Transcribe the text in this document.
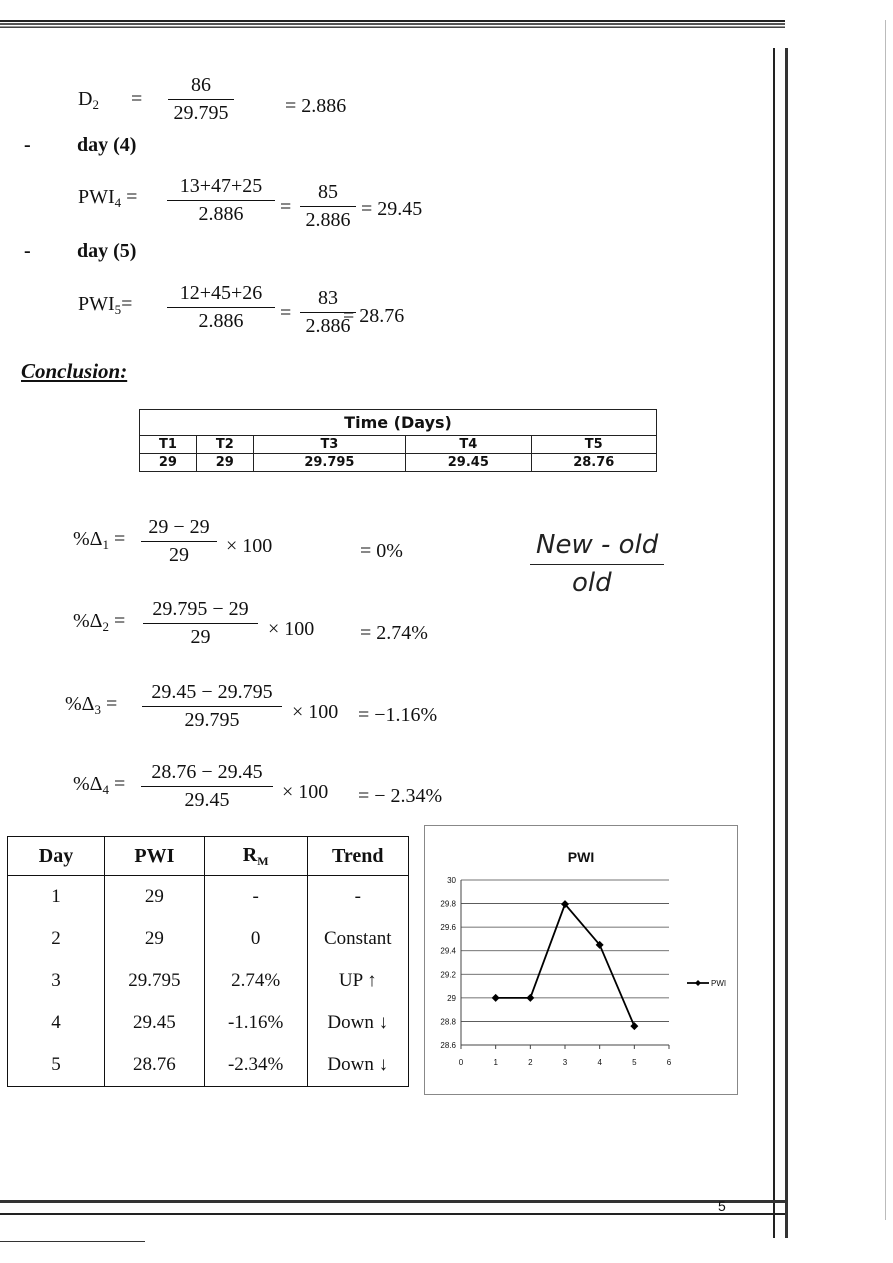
$D_2$ =
86
29.795	= 2.886
- day (4)
$PWI_4$ =	13+47+25
2.886	=
85
2.886 = 29.45
- day (5)
$PWI_5=$	12+45+26
2.886	=
83
2.886
= 28.76
Conclusion:
Time (Days)				
T1	T2	T3	T4	T5
29	29	29.795	29.45	28.76
$\%\Delta_1$ =
29 − 29
29	× 100	= 0%
$\%\Delta_2$ =
29.795 − 29
29	× 100 = 2.74%
$\%\Delta_3$ =
29.45 − 29.795
29.795	× 100 = −1.16%
$\%\Delta_4$ =
28.76 − 29.45
29.45	× 100 = − 2.34%
New - old
old
Day	PWI	$R_M$	Trend
1	29	-	-
2	29	0	Constant
3	29.795	2.74%	UP ↑
4	29.45	-1.16%	Down ↓
5	28.76	-2.34%	Down ↓
PWI
28.6
28.8
29
29.2
29.4
29.6
29.8
30
0	1	2	3	4	5	6
PWI
5
